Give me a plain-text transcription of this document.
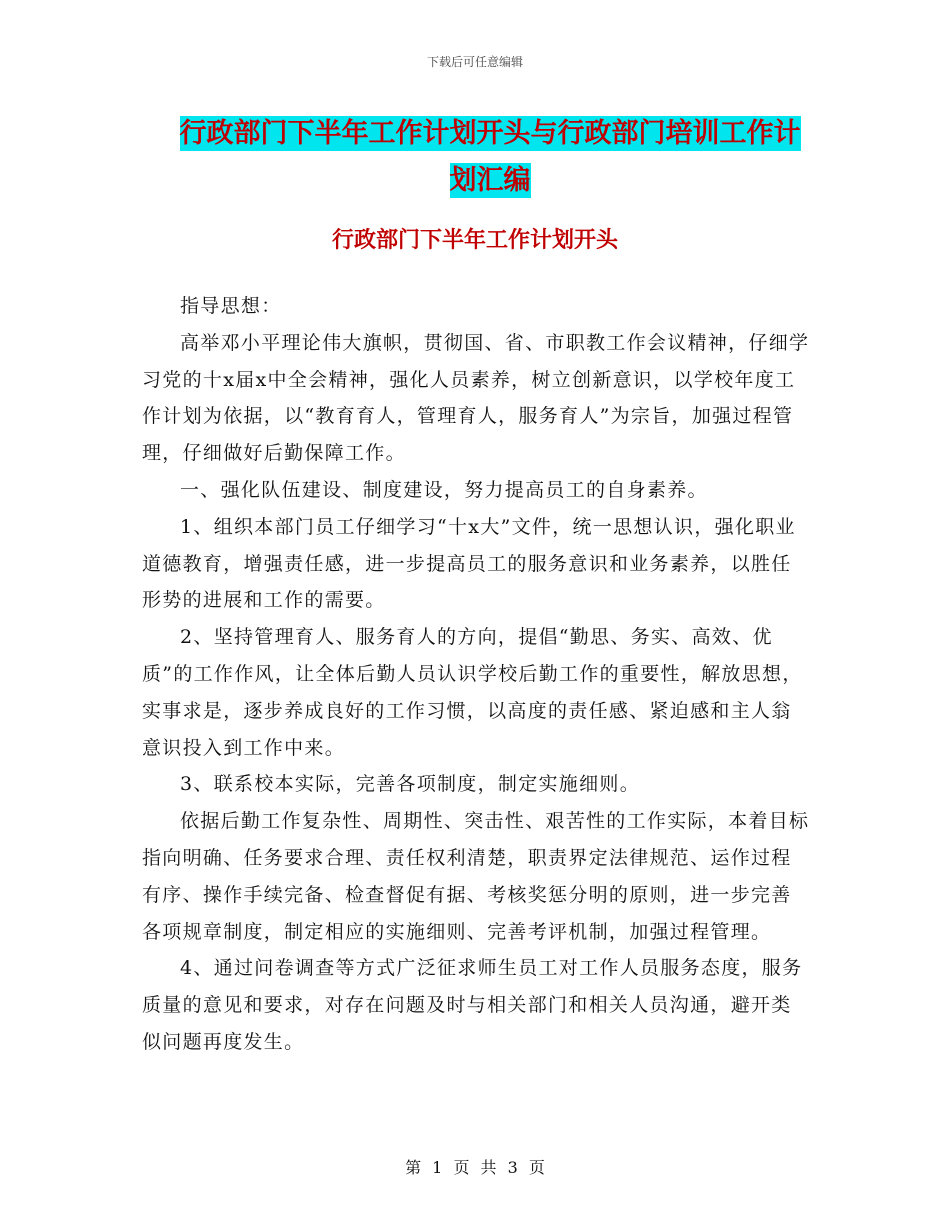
下载后可任意编辑
行政部门下半年工作计划开头与行政部门培训工作计
划汇编
行政部门下半年工作计划开头

指导思想：

高举邓小平理论伟大旗帜，贯彻国、省、市职教工作会议精神，仔细学习党的十x届x中全会精神，强化人员素养，树立创新意识，以学校年度工作计划为依据，以“教育育人，管理育人，服务育人”为宗旨，加强过程管理，仔细做好后勤保障工作。

一、强化队伍建设、制度建设，努力提高员工的自身素养。

1、组织本部门员工仔细学习“十x大”文件，统一思想认识，强化职业道德教育，增强责任感，进一步提高员工的服务意识和业务素养，以胜任形势的进展和工作的需要。

2、坚持管理育人、服务育人的方向，提倡“勤思、务实、高效、优质”的工作作风，让全体后勤人员认识学校后勤工作的重要性，解放思想，实事求是，逐步养成良好的工作习惯，以高度的责任感、紧迫感和主人翁意识投入到工作中来。

3、联系校本实际，完善各项制度，制定实施细则。

依据后勤工作复杂性、周期性、突击性、艰苦性的工作实际，本着目标指向明确、任务要求合理、责任权利清楚，职责界定法律规范、运作过程有序、操作手续完备、检查督促有据、考核奖惩分明的原则，进一步完善各项规章制度，制定相应的实施细则、完善考评机制，加强过程管理。

4、通过问卷调查等方式广泛征求师生员工对工作人员服务态度，服务质量的意见和要求，对存在问题及时与相关部门和相关人员沟通，避开类似问题再度发生。

第 1 页 共 3 页
